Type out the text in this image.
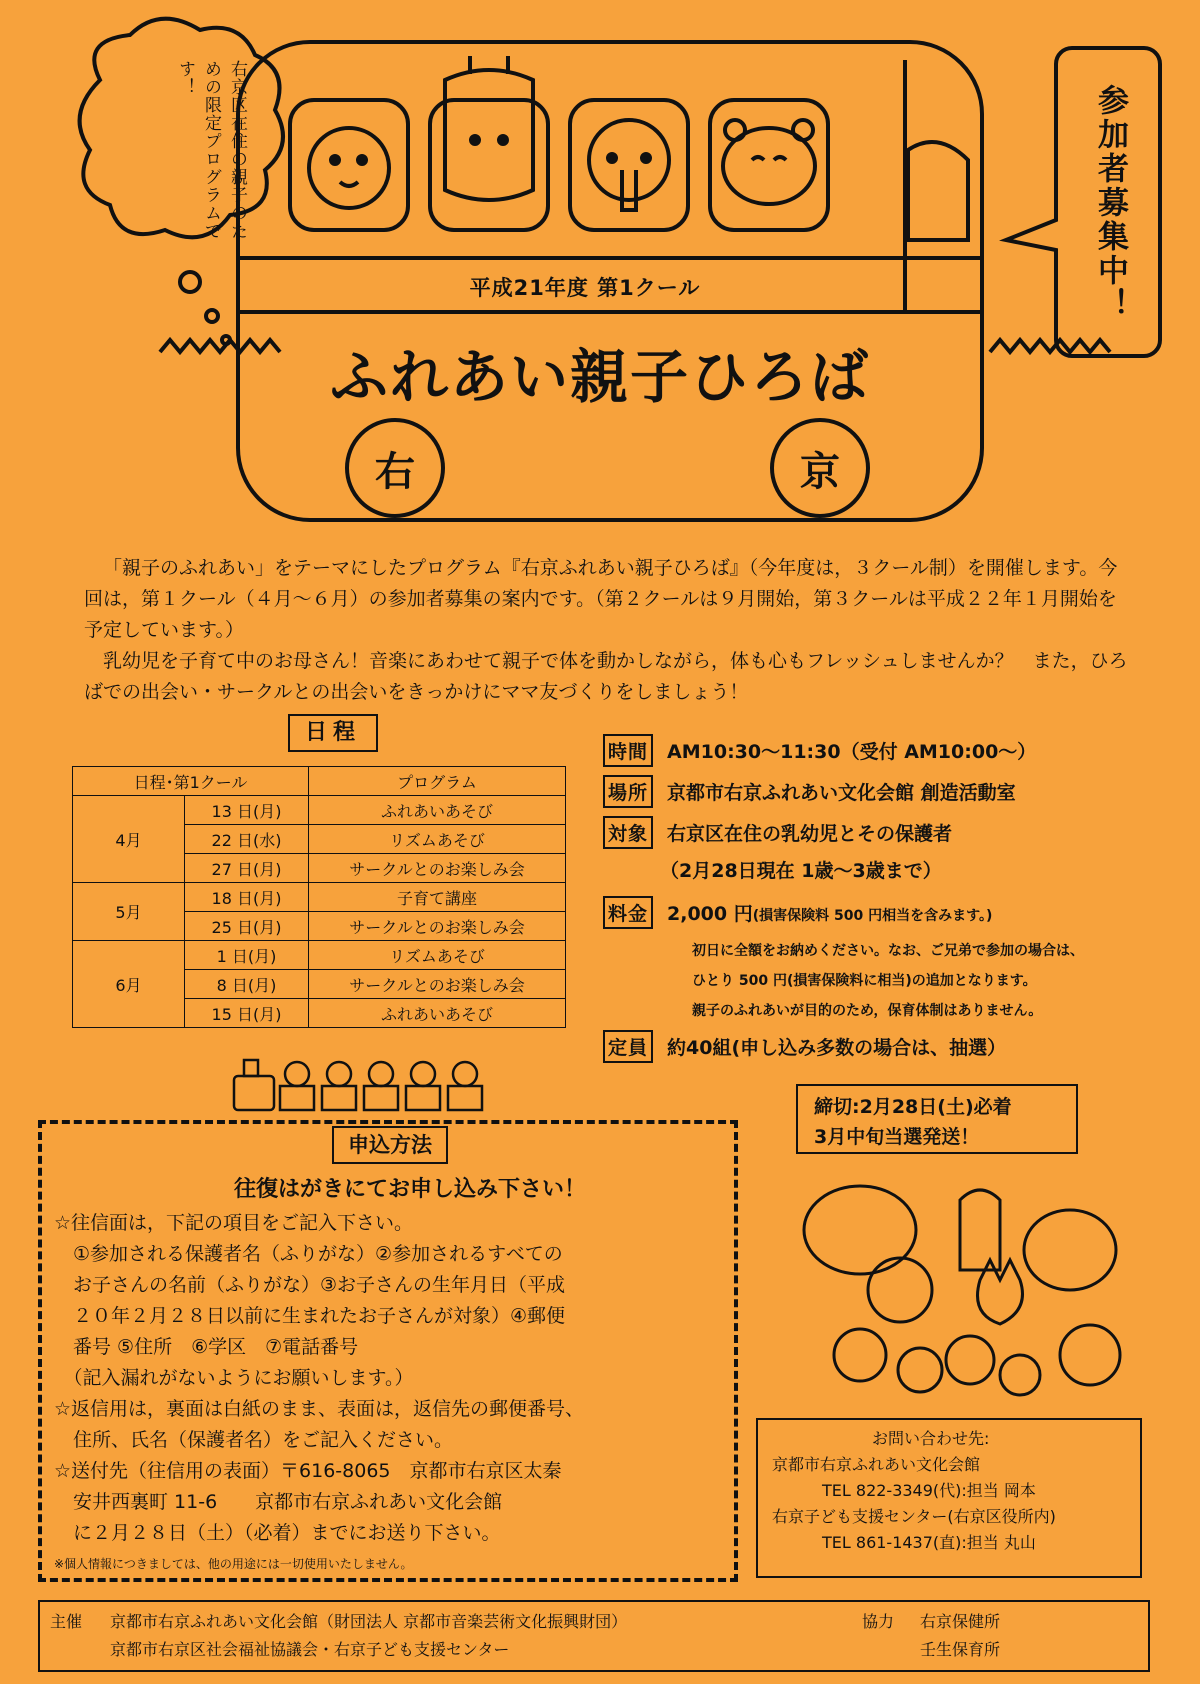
右京区在住の親子のための限定プログラムです！
参加者募集中！
平成21年度 第1クール
ふれあい親子ひろば
右	京

「親子のふれあい」をテーマにしたプログラム『右京ふれあい親子ひろば』（今年度は，３クール制）を開催します。今回は，第１クール（４月～６月）の参加者募集の案内です。（第２クールは９月開始，第３クールは平成２２年１月開始を予定しています。）

乳幼児を子育て中のお母さん！音楽にあわせて親子で体を動かしながら，体も心もフレッシュしませんか？　また，ひろばでの出会い・サークルとの出会いをきっかけにママ友づくりをしましょう！

日程
日程･第1クール		プログラム
4月	13 日(月)	ふれあいあそび
	22 日(水)	リズムあそび
	27 日(月)	サークルとのお楽しみ会
5月	18 日(月)	子育て講座
	25 日(月)	サークルとのお楽しみ会
6月	1 日(月)	リズムあそび
	8 日(月)	サークルとのお楽しみ会
	15 日(月)	ふれあいあそび
時間 AM10:30～11:30（受付 AM10:00～）
場所 京都市右京ふれあい文化会館 創造活動室
対象 右京区在住の乳幼児とその保護者
（2月28日現在 1歳～3歳まで）
料金 2,000 円(損害保険料 500 円相当を含みます。)
初日に全額をお納めください。なお、ご兄弟で参加の場合は、
ひとり 500 円(損害保険料に相当)の追加となります。
親子のふれあいが目的のため，保育体制はありません。
定員 約40組(申し込み多数の場合は、抽選）
締切:2月28日(土)必着
3月中旬当選発送！
申込方法
往復はがきにてお申し込み下さい！
☆往信面は，下記の項目をご記入下さい。
　①参加される保護者名（ふりがな）②参加されるすべての
　お子さんの名前（ふりがな）③お子さんの生年月日（平成
　２０年２月２８日以前に生まれたお子さんが対象）④郵便
　番号 ⑤住所　⑥学区　⑦電話番号
　（記入漏れがないようにお願いします。）
☆返信用は，裏面は白紙のまま、表面は，返信先の郵便番号、
　住所、氏名（保護者名）をご記入ください。
☆送付先（往信用の表面）〒616-8065　京都市右京区太秦
　安井西裏町 11-6　　京都市右京ふれあい文化会館
　に２月２８日（土）（必着）までにお送り下さい。
※個人情報につきましては、他の用途には一切使用いたしません。
お問い合わせ先:
京都市右京ふれあい文化会館
TEL 822-3349(代):担当 岡本
右京子ども支援センター(右京区役所内)
TEL 861-1437(直):担当 丸山
主催 京都市右京ふれあい文化会館（財団法人 京都市音楽芸術文化振興財団）
京都市右京区社会福祉協議会・右京子ども支援センター
協力 右京保健所
壬生保育所
